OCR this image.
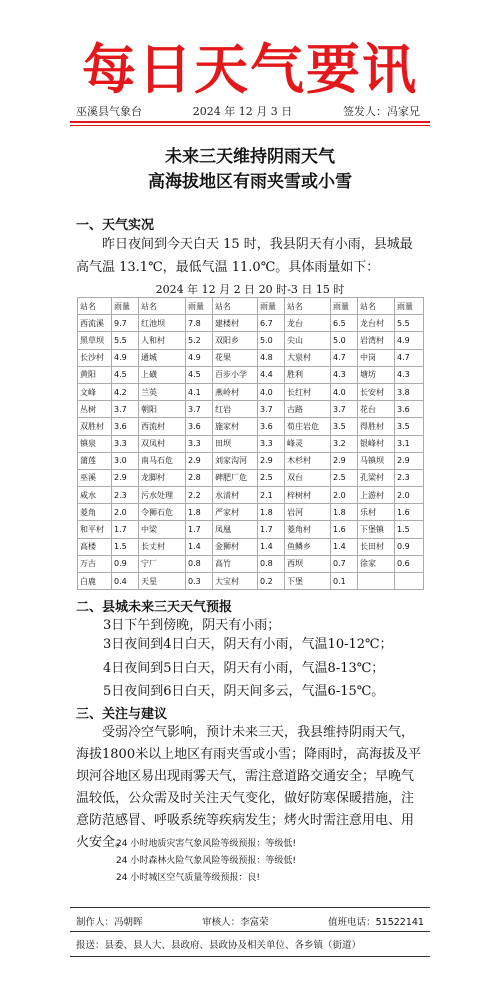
每日天气要讯
巫溪县气象台	2024 年 12 月 3 日	签发人：冯家兄
未来三天维持阴雨天气
高海拔地区有雨夹雪或小雪
一、天气实况
昨日夜间到今天白天 15 时，我县阴天有小雨，县城最
高气温 13.1℃，最低气温 11.0℃。具体雨量如下：
2024 年 12 月 2 日 20 时-3 日 15 时
站名	雨量	站名	雨量	站名	雨量	站名	雨量	站名	雨量
西流溪	9.7	红池坝	7.8	建楼村	6.7	龙台	6.5	龙台村	5.5
黑草坝	5.5	人和村	5.2	双阳乡	5.0	尖山	5.0	岩湾村	4.9
长沙村	4.9	通城	4.9	花果	4.8	大泉村	4.7	中岗	4.7
黄阳	4.5	上磺	4.5	百步小学	4.4	胜利	4.3	塘坊	4.3
文峰	4.2	兰英	4.1	燕岭村	4.0	长红村	4.0	长安村	3.8
丛树	3.7	朝阳	3.7	红岩	3.7	古路	3.7	花台	3.6
双胜村	3.6	西流村	3.6	施家村	3.6	荀庄岩危	3.5	得胜村	3.5
镇泉	3.3	双凤村	3.3	田坝	3.3	峰灵	3.2	银峰村	3.1
蒲莲	3.0	南马石危	2.9	刘家沟河	2.9	木杉村	2.9	马镇坝	2.9
巫溪	2.9	龙脚村	2.8	碑肥厂危	2.5	双台	2.5	孔梁村	2.3
咸水	2.3	污水处理	2.2	水清村	2.1	梓树村	2.0	上游村	2.0
菱角	2.0	令狮石危	1.8	严家村	1.8	岩河	1.8	乐村	1.6
和平村	1.7	中梁	1.7	凤凰	1.7	菱角村	1.6	下堡镇	1.5
高楼	1.5	长丈村	1.4	金狮村	1.4	鱼鳞乡	1.4	长田村	0.9
万古	0.9	宁厂	0.8	高竹	0.8	西坝	0.7	徐家	0.6
白鹿	0.4	天星	0.3	大宝村	0.2	下堡	0.1		
二、县城未来三天天气预报
3日下午到傍晚，阴天有小雨；
3日夜间到4日白天，阴天有小雨，气温10-12℃；
4日夜间到5日白天，阴天有小雨，气温8-13℃；
5日夜间到6日白天，阴天间多云，气温6-15℃。
三、关注与建议
受弱冷空气影响，预计未来三天，我县维持阴雨天气，
海拔1800米以上地区有雨夹雪或小雪；降雨时，高海拔及平
坝河谷地区易出现雨雾天气，需注意道路交通安全；早晚气
温较低，公众需及时关注天气变化，做好防寒保暖措施，注
意防范感冒、呼吸系统等疾病发生；烤火时需注意用电、用
火安全。
24 小时地质灾害气象风险等级预报：等级低!
24 小时森林火险气象风险等级预报：等级低!
24 小时城区空气质量等级预报：良!
制作人：冯朝晖	审核人：李富荣	值班电话：51522141
报送：县委、县人大、县政府、县政协及相关单位、各乡镇（街道）
